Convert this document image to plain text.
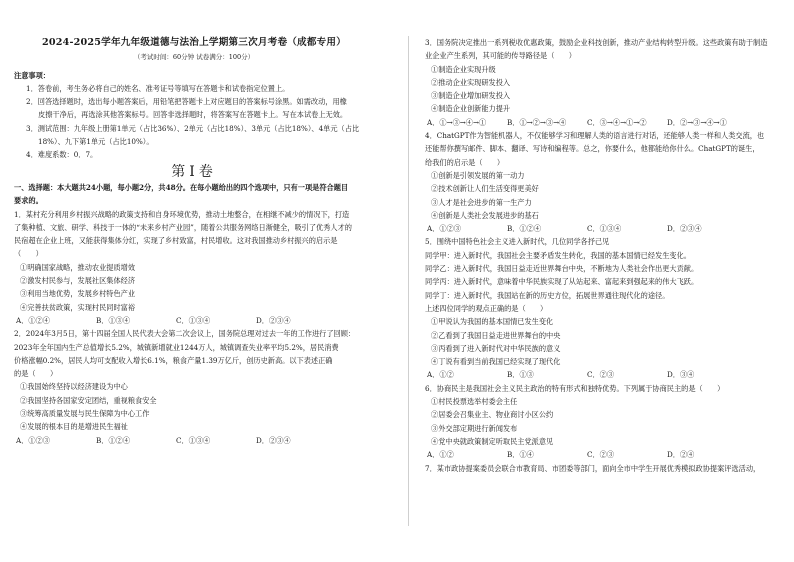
2024-2025学年九年级道德与法治上学期第三次月考卷（成都专用）
（考试时间：60分钟 试卷满分：100分）
注意事项：
1．答卷前，考生务必将自己的姓名、准考证号等填写在答题卡和试卷指定位置上。
2．回答选择题时，选出每小题答案后，用铅笔把答题卡上对应题目的答案标号涂黑。如需改动，用橡
皮擦干净后，再选涂其他答案标号。回答非选择题时，将答案写在答题卡上。写在本试卷上无效。
3．测试范围：九年级上册第1单元（占比36%）、2单元（占比18%）、3单元（占比18%）、4单元（占比
18%）、九下第1单元（占比10%）。
4．难度系数：0．7。
第Ⅰ卷
一、选择题：本大题共24小题，每小题2分，共48分。在每小题给出的四个选项中，只有一项是符合题目
要求的。
1．某村充分利用乡村振兴战略的政策支持和自身环境优势，推动土地整合，在相继不减少的情况下，打造
了集种植、文旅、研学、科技于一体的“未来乡村产业园”，随着公共服务网络日渐健全，吸引了优秀人才的
民宿超在企业上班，又能获得集体分红，实现了乡村致富，村民增收。这对我国推动乡村振兴的启示是
（　　）
①明确国家战略，推动农业提质增效
②激发村民参与，发展社区集体经济
③利用当地优势，发展乡村特色产业
④完善扶贫政策，实现村民同时富裕
A．①②④	B．①③④	C．①③④	D．②③④
2．2024年3月5日，第十四届全国人民代表大会第二次会议上，国务院总理对过去一年的工作进行了回顾：
2023年全年国内生产总值增长5.2%，城镇新增就业1244万人，城镇调查失业率平均5.2%，居民消费
价格涨幅0.2%，居民人均可支配收入增长6.1%，粮食产量1.39万亿斤，创历史新高。以下表述正确
的是（　　）
①我国始终坚持以经济建设为中心
②我国坚持各国家安定团结，重视粮食安全
③统筹高质量发展与民生保障为中心工作
④发展的根本目的是增进民生福祉
A．①②③	B．①②④	C．①③④	D．②③④
3．国务院决定推出一系列税收优惠政策，鼓励企业科技创新，推动产业结构转型升级。这些政策有助于制造
业企业产生系列，其可能的传导路径是（　　）
①制造企业实现升级
②推动企业实现研发投入
③制造企业增加研发投入
④制造企业创新能力提升
A．①→③→④→①	B．①→②→③→④	C．③→④→①→②	D．②→③→④→①
4．ChatGPT作为智能机器人，不仅能够学习和理解人类的语言进行对话，还能够人类一样和人类交流，也
还能帮你撰写邮件、脚本、翻译、写诗和编程等。总之，你要什么，他都能给你什么。ChatGPT的诞生，
给我们的启示是（　　）
①创新是引领发展的第一动力
②技术创新让人们生活变得更美好
③人才是社会进步的第一生产力
④创新是人类社会发展进步的基石
A．①②③	B．①②④	C．①③④	D．②③④
5．围绕中国特色社会主义进入新时代，几位同学各抒己见
同学甲：进入新时代，我国社会主要矛盾发生转化，我国的基本国情已经发生变化。
同学乙：进入新时代，我国日益走近世界舞台中央，不断地为人类社会作出更大贡献。
同学丙：进入新时代，意味着中华民族实现了从站起来、富起来到强起来的伟大飞跃。
同学丁：进入新时代，我国站在新的历史方位，拓展世界通往现代化的途径。
上述四位同学的观点正确的是（　　）
①甲说认为我国的基本国情已发生变化
②乙看到了我国日益走进世界舞台的中央
③丙看到了进入新时代对中华民族的意义
④丁说有看到当前我国已经实现了现代化
A．①②	B．①③	C．②③	D．③④
6．协商民主是我国社会主义民主政治的特有形式和独特优势。下列属于协商民主的是（　　）
①村民投票选举村委会主任
②居委会召集业主、物业商讨小区公约
③外交部定期进行新闻发布
④党中央就政策制定听取民主党派意见
A．①②	B．①④	C．②③	D．②④
7．某市政协提案委员会联合市教育局、市团委等部门，面向全市中学生开展优秀模拟政协提案评选活动，
